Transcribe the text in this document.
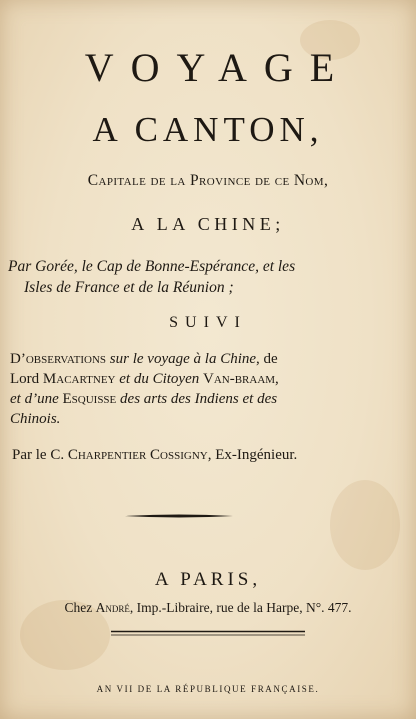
VOYAGE
A CANTON,
Capitale de la Province de ce Nom,
A LA CHINE;
Par Gorée, le Cap de Bonne-Espérance, et les
Isles de France et de la Réunion ;
SUIVI
D’observations sur le voyage à la Chine, de
Lord Macartney et du Citoyen Van-braam,
et d’une Esquisse des arts des Indiens et des
Chinois.
Par le C. Charpentier Cossigny, Ex-Ingénieur.
A PARIS,
Chez André, Imp.-Libraire, rue de la Harpe, N°. 477.
AN VII DE LA RÉPUBLIQUE FRANÇAISE.
